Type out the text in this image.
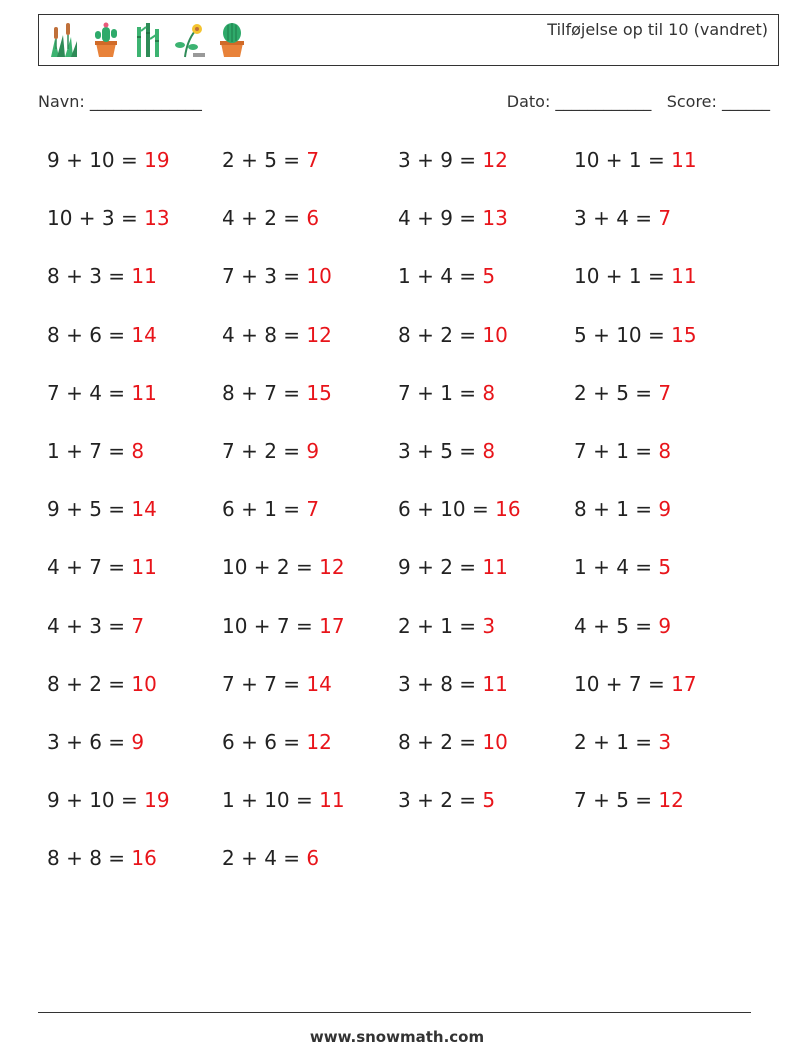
Tilføjelse op til 10 (vandret)
Navn: ______________	Dato: ____________ Score: ______
9 + 10 = 19	2 + 5 = 7	3 + 9 = 12	10 + 1 = 11
10 + 3 = 13	4 + 2 = 6	4 + 9 = 13	3 + 4 = 7
8 + 3 = 11	7 + 3 = 10	1 + 4 = 5	10 + 1 = 11
8 + 6 = 14	4 + 8 = 12	8 + 2 = 10	5 + 10 = 15
7 + 4 = 11	8 + 7 = 15	7 + 1 = 8	2 + 5 = 7
1 + 7 = 8	7 + 2 = 9	3 + 5 = 8	7 + 1 = 8
9 + 5 = 14	6 + 1 = 7	6 + 10 = 16	8 + 1 = 9
4 + 7 = 11	10 + 2 = 12	9 + 2 = 11	1 + 4 = 5
4 + 3 = 7	10 + 7 = 17	2 + 1 = 3	4 + 5 = 9
8 + 2 = 10	7 + 7 = 14	3 + 8 = 11	10 + 7 = 17
3 + 6 = 9	6 + 6 = 12	8 + 2 = 10	2 + 1 = 3
9 + 10 = 19	1 + 10 = 11	3 + 2 = 5	7 + 5 = 12
8 + 8 = 16	2 + 4 = 6
www.snowmath.com
